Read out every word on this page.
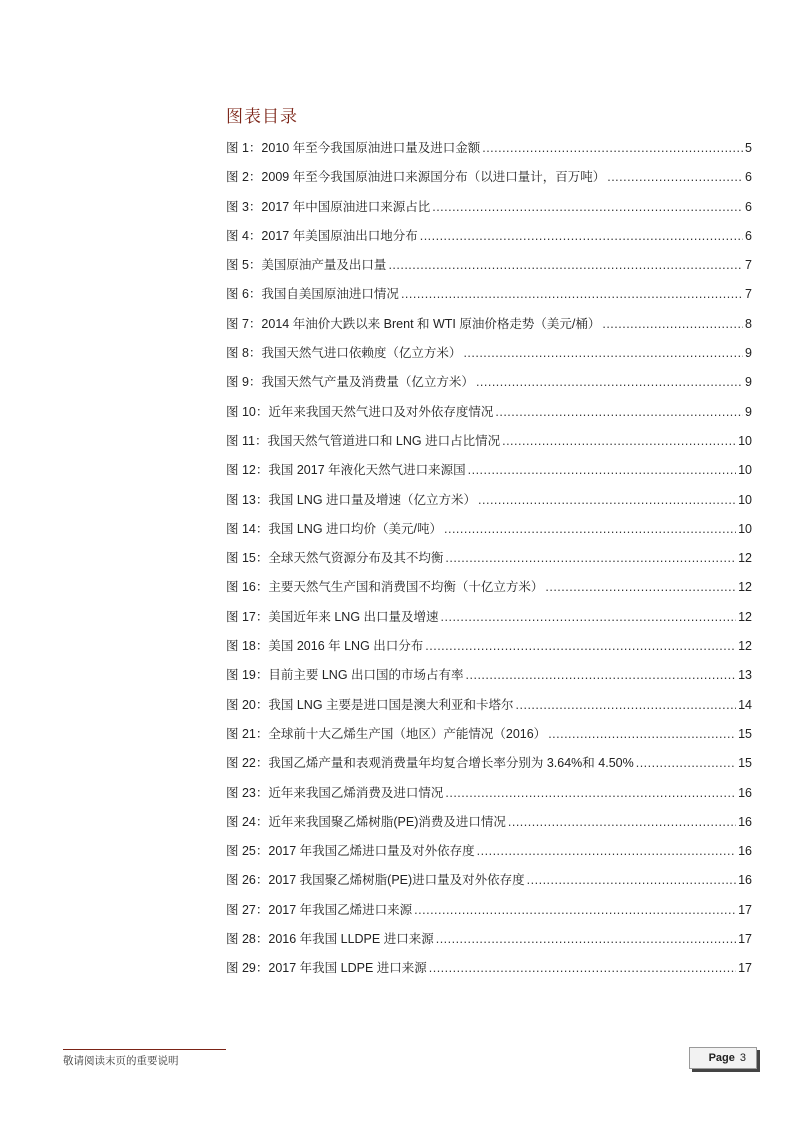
图表目录
图 1：2010 年至今我国原油进口量及进口金额 .....	5
图 2：2009 年至今我国原油进口来源国分布（以进口量计，百万吨） .....	6
图 3：2017 年中国原油进口来源占比 .....	6
图 4：2017 年美国原油出口地分布 .....	6
图 5：美国原油产量及出口量 .....	7
图 6：我国自美国原油进口情况 .....	7
图 7：2014 年油价大跌以来 Brent 和 WTI 原油价格走势（美元/桶） .....	8
图 8：我国天然气进口依赖度（亿立方米） .....	9
图 9：我国天然气产量及消费量（亿立方米） .....	9
图 10：近年来我国天然气进口及对外依存度情况 .....	9
图 11：我国天然气管道进口和 LNG 进口占比情况 .....	10
图 12：我国 2017 年液化天然气进口来源国 .....	10
图 13：我国 LNG 进口量及增速（亿立方米） .....	10
图 14：我国 LNG 进口均价（美元/吨） .....	10
图 15：全球天然气资源分布及其不均衡 .....	12
图 16：主要天然气生产国和消费国不均衡（十亿立方米） .....	12
图 17：美国近年来 LNG 出口量及增速 .....	12
图 18：美国 2016 年 LNG 出口分布 .....	12
图 19：目前主要 LNG 出口国的市场占有率 .....	13
图 20：我国 LNG 主要是进口国是澳大利亚和卡塔尔 .....	14
图 21：全球前十大乙烯生产国（地区）产能情况（2016） .....	15
图 22：我国乙烯产量和表观消费量年均复合增长率分别为 3.64%和 4.50% .....	15
图 23：近年来我国乙烯消费及进口情况 .....	16
图 24：近年来我国聚乙烯树脂(PE)消费及进口情况 .....	16
图 25：2017 年我国乙烯进口量及对外依存度 .....	16
图 26：2017 我国聚乙烯树脂(PE)进口量及对外依存度 .....	16
图 27：2017 年我国乙烯进口来源 .....	17
图 28：2016 年我国 LLDPE 进口来源 .....	17
图 29：2017 年我国 LDPE 进口来源 .....	17
敬请阅读末页的重要说明	Page 3
